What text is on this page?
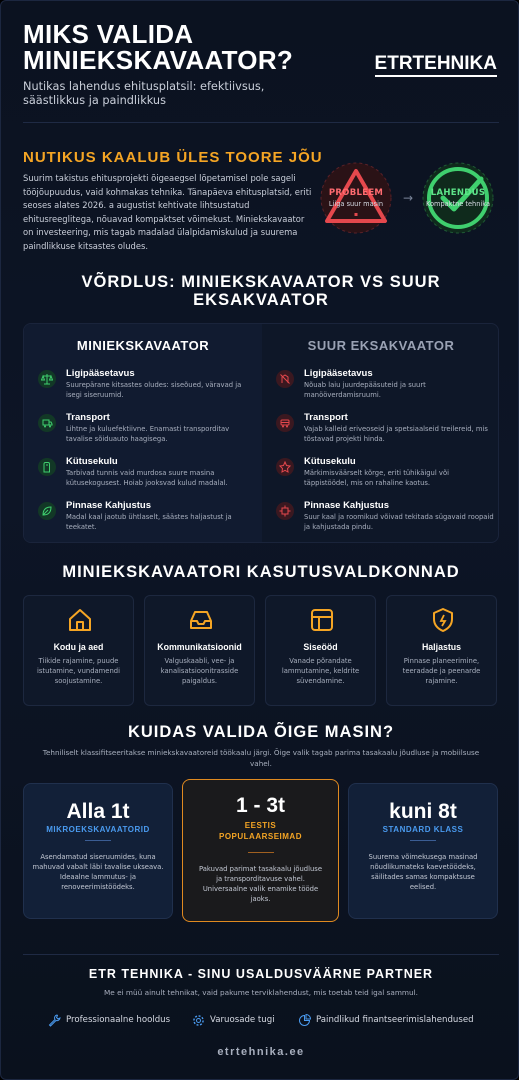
MIKS VALIDA
MINIEKSKAVAATOR?
Nutikas lahendus ehitusplatsil: efektiivsus, säästlikkus ja paindlikkus
ETRTEHNIKA
NUTIKUS KAALUB ÜLES TOORE JÕU
Suurim takistus ehitusprojekti õigeaegsel lõpetamisel pole sageli tööjõupuudus, vaid kohmakas tehnika. Tänapäeva ehitusplatsid, eriti seoses alates 2026. a augustist kehtivate lihtsustatud ehitusreeglitega, nõuavad kompaktset võimekust. Miniekskavaator on investeering, mis tagab madalad ülalpidamiskulud ja suurema paindlikkuse kitsastes oludes.
PROBLEEM
Liiga suur masin	→	LAHENDUS
Kompaktne tehnika
VÕRDLUS: MINIEKSKAVAATOR VS SUUR EKSAKVAATOR
MINIEKSKAVAATOR
Ligipääsetavus
Suurepärane kitsastes oludes: siseõued, väravad ja isegi siseruumid.
Transport
Lihtne ja kuluefektiivne. Enamasti transporditav tavalise sõiduauto haagisega.
Kütusekulu
Tarbivad tunnis vaid murdosa suure masina kütusekogusest. Hoiab jooksvad kulud madalal.
Pinnase Kahjustus
Madal kaal jaotub ühtlaselt, säästes haljastust ja teekatet.
SUUR EKSAKVAATOR
Ligipääsetavus
Nõuab laiu juurdepääsuteid ja suurt manööverdamisruumi.
Transport
Vajab kalleid eriveoseid ja spetsiaalseid treilereid, mis tõstavad projekti hinda.
Kütusekulu
Märkimisväärselt kõrge, eriti tühikäigul või täppistöödel, mis on rahaline kaotus.
Pinnase Kahjustus
Suur kaal ja roomikud võivad tekitada sügavaid roopaid ja kahjustada pindu.
MINIEKSKAVAATORI KASUTUSVALDKONNAD
Kodu ja aed
Tiikide rajamine, puude istutamine, vundamendi soojustamine.
Kommunikatsioonid
Valguskaabli, vee- ja kanalisatsioonitrasside paigaldus.
Siseööd
Vanade põrandate lammutamine, keldrite süvendamine.
Haljastus
Pinnase planeerimine, teeradade ja peenarde rajamine.
KUIDAS VALIDA ÕIGE MASIN?
Tehniliselt klassifitseeritakse miniekskavaatoreid töökaalu järgi. Õige valik tagab parima tasakaalu jõudluse ja mobiilsuse vahel.
Alla 1t
MIKROEKSKAVAATORID
Asendamatud siseruumides, kuna mahuvad vabalt läbi tavalise ukseava. Ideaalne lammutus- ja renoveerimistöödeks.
1 - 3t
EESTIS POPULAARSEIMAD
Pakuvad parimat tasakaalu jõudluse ja transporditavuse vahel. Universaalne valik enamike tööde jaoks.
kuni 8t
STANDARD KLASS
Suurema võimekusega masinad nõudlikumateks kaevetöödeks, säilitades samas kompaktsuse eelised.
ETR TEHNIKA - SINU USALDUSVÄÄRNE PARTNER
Me ei müü ainult tehnikat, vaid pakume terviklahendust, mis toetab teid igal sammul.
Professionaalne hooldus	Varuosade tugi	Paindlikud finantseerimislahendused
etrtehnika.ee
